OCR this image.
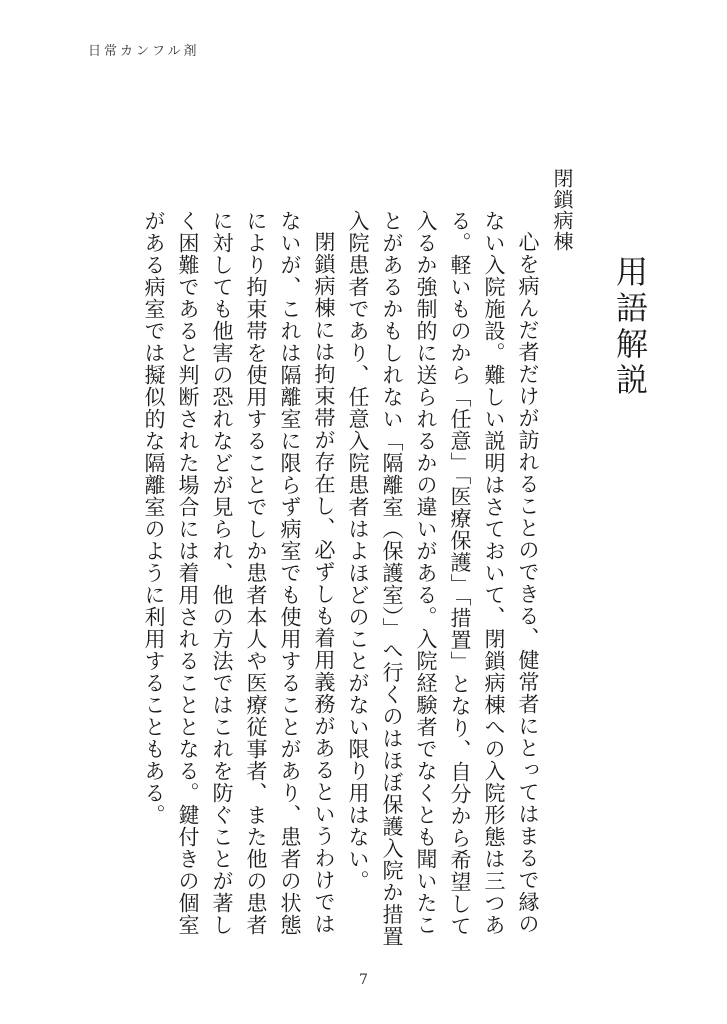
日常カンフル剤
用語解説

閉鎖病棟

心を病んだ者だけが訪れることのできる、健常者にとってはまるで縁のない入院施設。難しい説明はさておいて、閉鎖病棟への入院形態は三つある。軽いものから「任意」「医療保護」「措置」となり、自分から希望して入るか強制的に送られるかの違いがある。入院経験者でなくとも聞いたことがあるかもしれない「隔離室（保護室）」へ行くのはほぼ保護入院か措置入院患者であり、任意入院患者はよほどのことがない限り用はない。

閉鎖病棟には拘束帯が存在し、必ずしも着用義務があるというわけではないが、これは隔離室に限らず病室でも使用することがあり、患者の状態により拘束帯を使用することでしか患者本人や医療従事者、また他の患者に対しても他害の恐れなどが見られ、他の方法ではこれを防ぐことが著しく困難であると判断された場合には着用されることとなる。鍵付きの個室がある病室では擬似的な隔離室のように利用することもある。

7
